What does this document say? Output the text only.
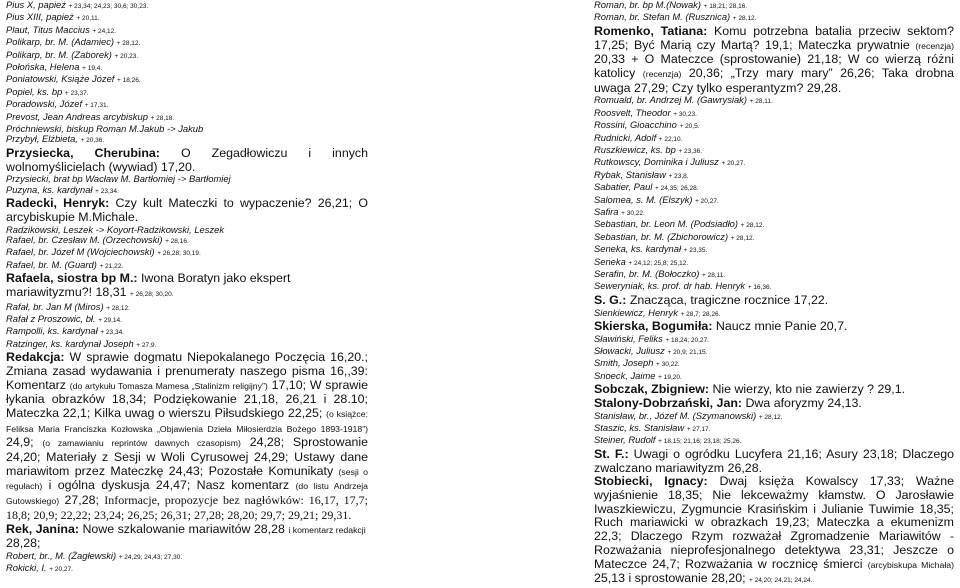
Pius X, papież + 23,34; 24,23; 30,6; 30,23.
Pius XIII, papież + 20,11.
Plaut, Titus Maccius + 24,12.
Polikarp, br. M. (Adamiec) + 28,12.
Polikarp, br. M. (Zaborek) + 20,23.
Połońska, Helena + 19,4.
Poniatowski, Książe Józef + 18,26.
Popiel, ks. bp + 23,37.
Poradowski, Józef + 17,31.
Prevost, Jean Andreas arcybiskup + 28,18.
Próchniewski, biskup Roman M.Jakub -> Jakub
Przybył, Elżbieta, + 20,36.
Przysiecka, Cherubina: O Zegadłowiczu i innych wolnomyślicielach (wywiad) 17,20.
Przysiecki, brat bp Wacław M. Bartłomiej -> Bartłomiej
Puzyna, ks. kardynał + 23,34.
Radecki, Henryk: Czy kult Mateczki to wypaczenie? 26,21; O arcybiskupie M.Michale.
Radzikowski, Leszek -> Koyort-Radzikowski, Leszek
Rafael, br. Czesław M. (Orzechowski) + 28,16.
Rafael, br. Józef M (Wojciechowski) + 26,28; 30,19.
Rafael, br. M. (Guard) + 21,22.
Rafaela, siostra bp M.: Iwona Boratyn jako ekspert mariawityzmu?! 18,31 + 26,28; 30,20.
Rafał, br. Jan M (Miros) + 28,12.
Rafał z Proszowic, bł. + 29,14.
Rampolli, ks. kardynał + 23,34.
Ratzinger, ks. kardynał Joseph + 27,9.
Redakcja: W sprawie dogmatu Niepokalanego Poczęcia 16,20.; Zmiana zasad wydawania i prenumeraty naszego pisma 16,,39: Komentarz (do artykułu Tomasza Mamesa „Stalinizm religijny”) 17,10; W sprawie łykania obrazków 18,34; Podziękowanie 21,18, 26,21 i 28.10; Mateczka 22,1; Kilka uwag o wierszu Piłsudskiego 22,25; (o książce: Feliksa Maria Franciszka Kozłowska „Objawienia Dzieła Miłosierdzia Bożego 1893-1918”) 24,9; (o zamawianiu reprintów dawnych czasopism) 24,28; Sprostowanie 24,20; Materiały z Sesji w Woli Cyrusowej 24,29; Ustawy dane mariawitom przez Mateczkę 24,43; Pozostałe Komunikaty (sesji o regułach) i ogólna dyskusja 24,47; Nasz komentarz (do listu Andrzeja Gutowskiego) 27,28; Informacje, propozycje bez nagłówków: 16,17, 17,7; 18,8; 20,9; 22,22; 23,24; 26,25; 26,31; 27,28; 28,20; 29,7; 29,21; 29,31.
Rek, Janina: Nowe szkalowanie mariawitów 28,28 i komentarz redakcji 28,28;
Robert, br., M. (Żagłewski) + 24,29; 24,43; 27,30.
Rokicki, I. + 20,27.
Roman, br. bp M.(Nowak) + 18,21; 28,16.
Roman, br. Stefan M. (Rusznica) + 28,12.
Romenko, Tatiana: Komu potrzebna batalia przeciw sektom? 17,25; Być Marią czy Martą? 19,1; Mateczka prywatnie (recenzja) 20,33 + O Mateczce (sprostowanie) 21,18; W co wierzą różni katolicy (recenzja) 20,36; „Trzy mary mary” 26,26; Taka drobna uwaga 27,29; Czy tylko esperantyzm? 29,28.
Romuald, br. Andrzej M. (Gawrysiak) + 28,11.
Roosvelt, Theodor + 30,23.
Rossini, Gioacchino + 20,5.
Rudnicki, Adolf + 22,10.
Ruszkiewicz, ks. bp + 23,36.
Rutkowscy, Dominika i Juliusz + 20,27.
Rybak, Stanisław + 23,8.
Sabatier, Paul + 24,35; 26,28.
Salomea, s. M. (Elszyk) + 20,27.
Safira + 30,22.
Sebastian, br. Leon M. (Podsiadło) + 28,12.
Sebastian, br. M. (Zbichorowicz) + 28,12.
Seneka, ks. kardynał + 23,35.
Seneka + 24,12; 25,8; 25,12.
Serafin, br. M. (Bołoczko) + 28,11.
Seweryniak, ks. prof. dr hab. Henryk + 16,36.
S. G.: Znacząca, tragiczne rocznice 17,22.
Sienkiewicz, Henryk + 28,7; 28,26.
Skierska, Bogumiła: Naucz mnie Panie 20,7.
Sławiński, Feliks + 18,24; 20,27.
Słowacki, Juliusz + 20,9; 21,15.
Smith, Joseph + 30,22.
Snoeck, Jaime + 19,20.
Sobczak, Zbigniew: Nie wierzy, kto nie zawierzy ? 29,1.
Stalony-Dobrzański, Jan: Dwa aforyzmy 24,13.
Stanisław, br., Józef M. (Szymanowski) + 28,12.
Staszic, ks. Stanisław + 27,17.
Steiner, Rudolf + 18,15; 21,16; 23,18; 25,26.
St. F.: Uwagi o ogródku Lucyfera 21,16; Asury 23,18; Dlaczego zwalczano mariawityzm 26,28.
Stobiecki, Ignacy: Dwaj księża Kowalscy 17,33; Ważne wyjaśnienie 18,35; Nie lekceważmy kłamstw. O Jarosławie Iwaszkiewiczu, Zygmuncie Krasińskim i Julianie Tuwimie 18,35; Ruch mariawicki w obrazkach 19,23; Mateczka a ekumenizm 22,3; Dlaczego Rzym rozważał Zgromadzenie Mariawitów - Rozważania nieprofesjonalnego detektywa 23,31; Jeszcze o Mateczce 24,7; Rozważania w rocznicę śmierci (arcybiskupa Michała) 25,13 i sprostowanie 28,20; + 24,20; 24,21; 24,24.
